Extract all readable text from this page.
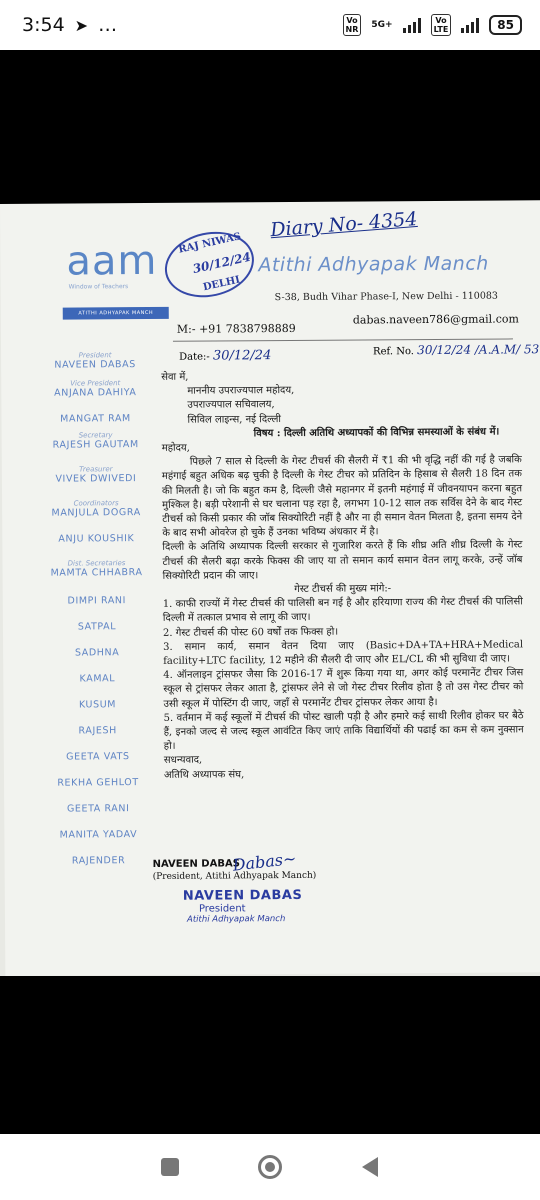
3:54 ➤ …	Vo
NR	5G+	Vo
LTE	85
Diary No- 4354
aam
Window of Teachers
RAJ NIWAS
30/12/24
DELHI
Atithi Adhyapak Manch
S-38, Budh Vihar Phase-I, New Delhi - 110083
ATITHI ADHYAPAK MANCH
M:- +91 7838798889
dabas.naveen786@gmail.com
Date:- 30/12/24	Ref. No. 30/12/24 /A.A.M/ 53
President
NAVEEN DABAS
Vice President
ANJANA DAHIYA
MANGAT RAM
Secretary
RAJESH GAUTAM
Treasurer
VIVEK DWIVEDI
Coordinators
MANJULA DOGRA
ANJU KOUSHIK
Dist. Secretaries
MAMTA CHHABRA
DIMPI RANI
SATPAL
SADHNA
KAMAL
KUSUM
RAJESH
GEETA VATS
REKHA GEHLOT
GEETA RANI
MANITA YADAV
RAJENDER

सेवा में,

माननीय उपराज्यपाल महोदय,

उपराज्यपाल सचिवालय,

सिविल लाइन्स, नई दिल्ली

विषय : दिल्ली अतिथि अध्यापकों की विभिन्न समस्याओं के संबंध में।

महोदय,

पिछले 7 साल से दिल्ली के गेस्ट टीचर्स की सैलरी में ₹1 की भी वृद्धि नहीं की गई है जबकि महंगाई बहुत अधिक बढ़ चुकी है दिल्ली के गेस्ट टीचर को प्रतिदिन के हिसाब से सैलरी 18 दिन तक की मिलती है। जो कि बहुत कम है, दिल्ली जैसे महानगर में इतनी महंगाई में जीवनयापन करना बहुत मुश्किल है। बड़ी परेशानी से घर चलाना पड़ रहा है, लगभग 10-12 साल तक सर्विस देने के बाद गेस्ट टीचर्स को किसी प्रकार की जॉब सिक्योरिटी नहीं है और ना ही समान वेतन मिलता है, इतना समय देने के बाद सभी ओवरेज हो चुके हैं उनका भविष्य अंधकार में है।

दिल्ली के अतिथि अध्यापक दिल्ली सरकार से गुजारिश करते हैं कि शीघ्र अति शीघ्र दिल्ली के गेस्ट टीचर्स की सैलरी बढ़ा करके फिक्स की जाए या तो समान कार्य समान वेतन लागू करके, उन्हें जॉब सिक्योरिटी प्रदान की जाए।

गेस्ट टीचर्स की मुख्य मांगे:-

1. काफी राज्यों में गेस्ट टीचर्स की पालिसी बन गई है और हरियाणा राज्य की गेस्ट टीचर्स की पालिसी दिल्ली में तत्काल प्रभाव से लागू की जाए।

2. गेस्ट टीचर्स की पोस्ट 60 वर्षों तक फिक्स हो।

3. समान कार्य, समान वेतन दिया जाए (Basic+DA+TA+HRA+Medical facility+LTC facility, 12 महीने की सैलरी दी जाए और EL/CL की भी सुविधा दी जाए।

4. ऑनलाइन ट्रांसफर जैसा कि 2016-17 में शुरू किया गया था, अगर कोई परमानेंट टीचर जिस स्कूल से ट्रांसफर लेकर आता है, ट्रांसफर लेने से जो गेस्ट टीचर रिलीव होता है तो उस गेस्ट टीचर को उसी स्कूल में पोस्टिंग दी जाए, जहाँ से परमानेंट टीचर ट्रांसफर लेकर आया है।

5. वर्तमान में कई स्कूलों में टीचर्स की पोस्ट खाली पड़ी है और हमारे कई साथी रिलीव होकर घर बैठे हैं, इनको जल्द से जल्द स्कूल आवंटित किए जाएं ताकि विद्यार्थियों की पढाई का कम से कम नुक्सान हो।

सधन्यवाद,

अतिथि अध्यापक संघ,

NAVEEN DABAS
(President, Atithi Adhyapak Manch)
Dabas~
NAVEEN DABAS
President
Atithi Adhyapak Manch
